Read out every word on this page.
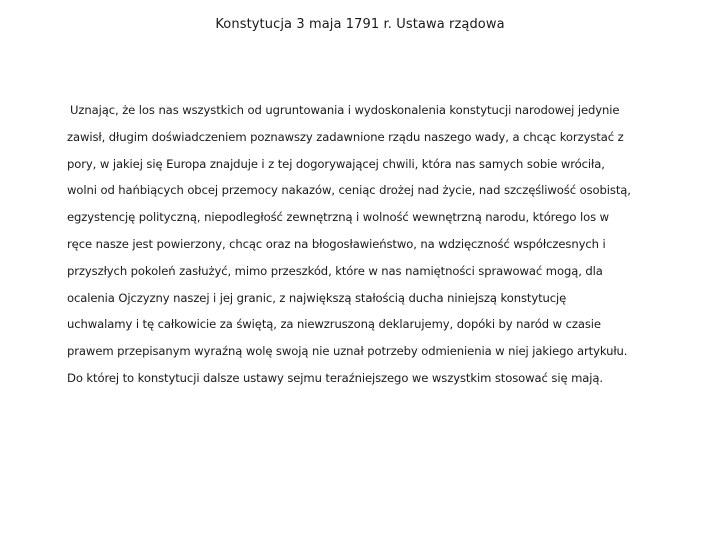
Konstytucja 3 maja 1791 r. Ustawa rządowa
Uznając, że los nas wszystkich od ugruntowania i wydoskonalenia konstytucji narodowej jedynie
zawisł, długim doświadczeniem poznawszy zadawnione rządu naszego wady, a chcąc korzystać z
pory, w jakiej się Europa znajduje i z tej dogorywającej chwili, która nas samych sobie wróciła,
wolni od hańbiących obcej przemocy nakazów, ceniąc drożej nad życie, nad szczęśliwość osobistą,
egzystencję polityczną, niepodległość zewnętrzną i wolność wewnętrzną narodu, którego los w
ręce nasze jest powierzony, chcąc oraz na błogosławieństwo, na wdzięczność współczesnych i
przyszłych pokoleń zasłużyć, mimo przeszkód, które w nas namiętności sprawować mogą, dla
ocalenia Ojczyzny naszej i jej granic, z największą stałością ducha niniejszą konstytucję
uchwalamy i tę całkowicie za świętą, za niewzruszoną deklarujemy, dopóki by naród w czasie
prawem przepisanym wyraźną wolę swoją nie uznał potrzeby odmienienia w niej jakiego artykułu.
Do której to konstytucji dalsze ustawy sejmu teraźniejszego we wszystkim stosować się mają.
